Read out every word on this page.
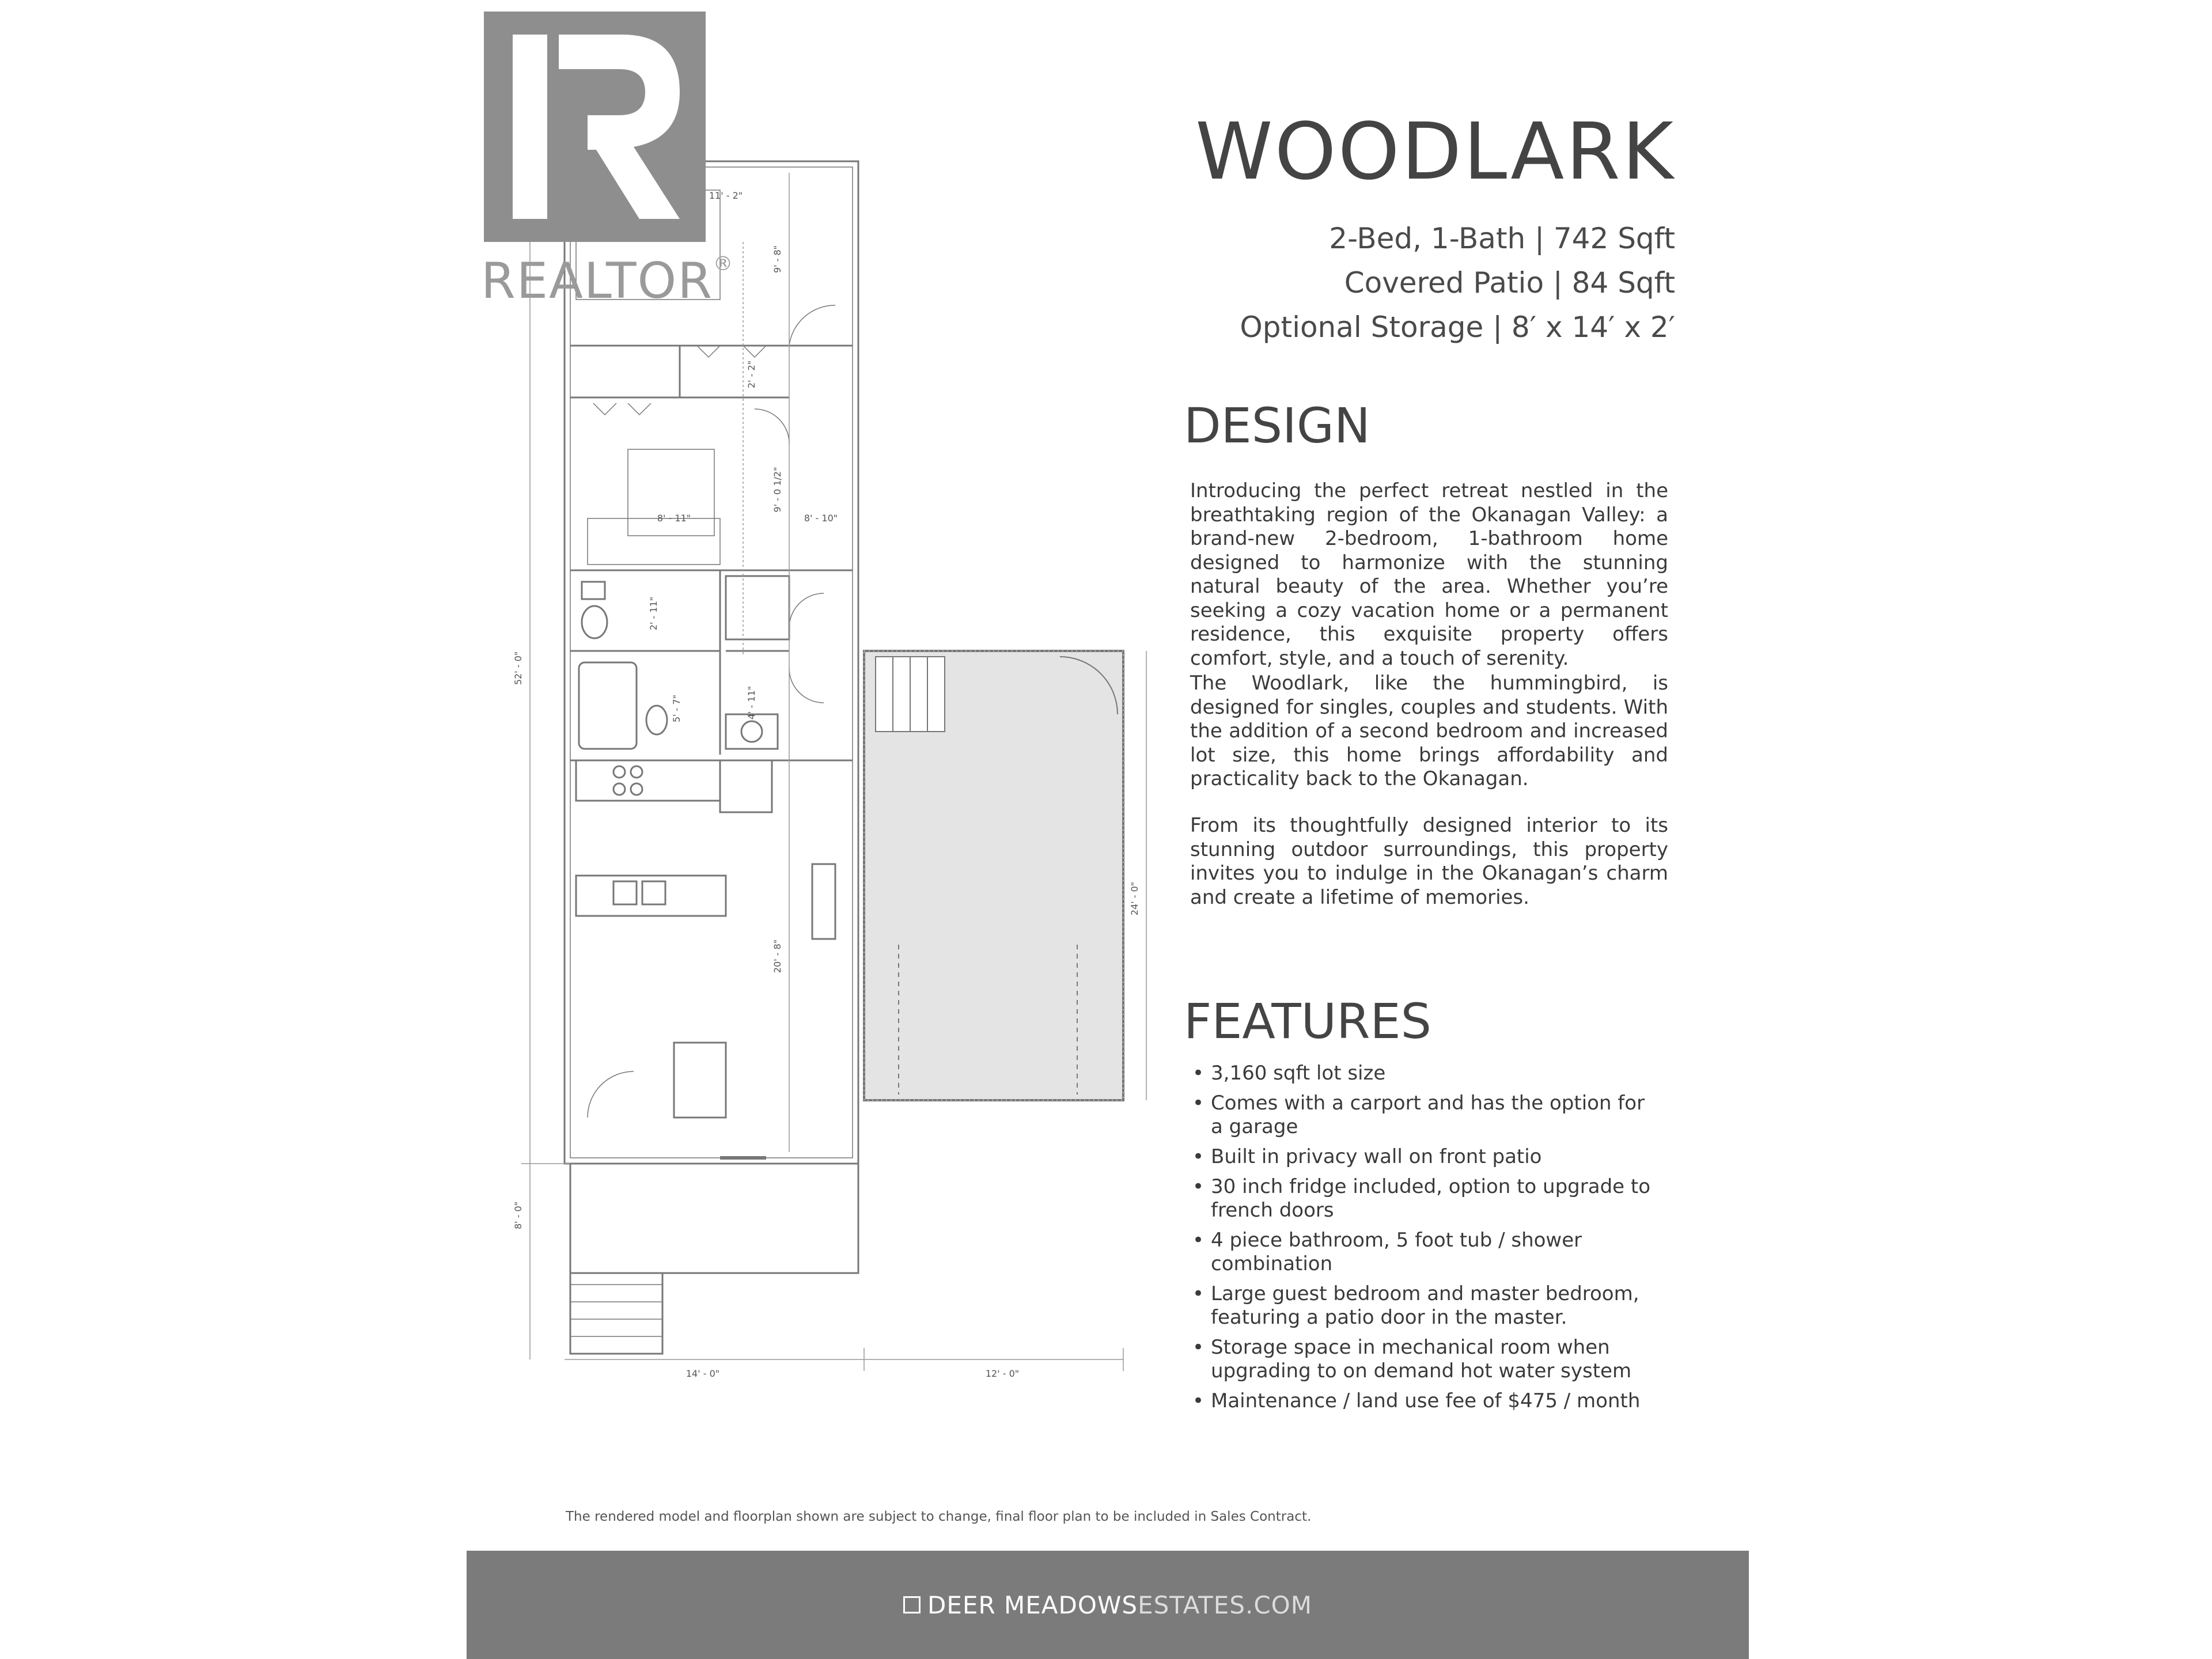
14' - 0"	12' - 0"
52' - 0"
24' - 0"
8' - 0"
9' - 8"
9' - 0 1/2"
20' - 8"
2' - 2"
2' - 11"
4' - 11"
5' - 7"
8' - 11"	8' - 10"
11' - 2"
REALTOR®
WOODLARK
2-Bed, 1-Bath | 742 Sqft
Covered Patio | 84 Sqft
Optional Storage | 8′ x 14′ x 2′
DESIGN
Introducing the perfect retreat nestled in the breathtaking region of the Okanagan Valley: a brand-new 2-bedroom, 1-bathroom home designed to harmonize with the stunning natural beauty of the area. Whether you’re seeking a cozy vacation home or a permanent residence, this exquisite property offers comfort, style, and a touch of serenity.
The Woodlark, like the hummingbird, is designed for singles, couples and students. With the addition of a second bedroom and increased lot size, this home brings affordability and practicality back to the Okanagan.
From its thoughtfully designed interior to its stunning outdoor surroundings, this property invites you to indulge in the Okanagan’s charm and create a lifetime of memories.
FEATURES
• 3,160 sqft lot size
• Comes with a carport and has the option for a garage
• Built in privacy wall on front patio
• 30 inch fridge included, option to upgrade to french doors
• 4 piece bathroom, 5 foot tub / shower combination
• Large guest bedroom and master bedroom, featuring a patio door in the master.
• Storage space in mechanical room when upgrading to on demand hot water system
• Maintenance / land use fee of $475 / month
The rendered model and floorplan shown are subject to change, final floor plan to be included in Sales Contract.
DEER MEADOWSESTATES.COM
